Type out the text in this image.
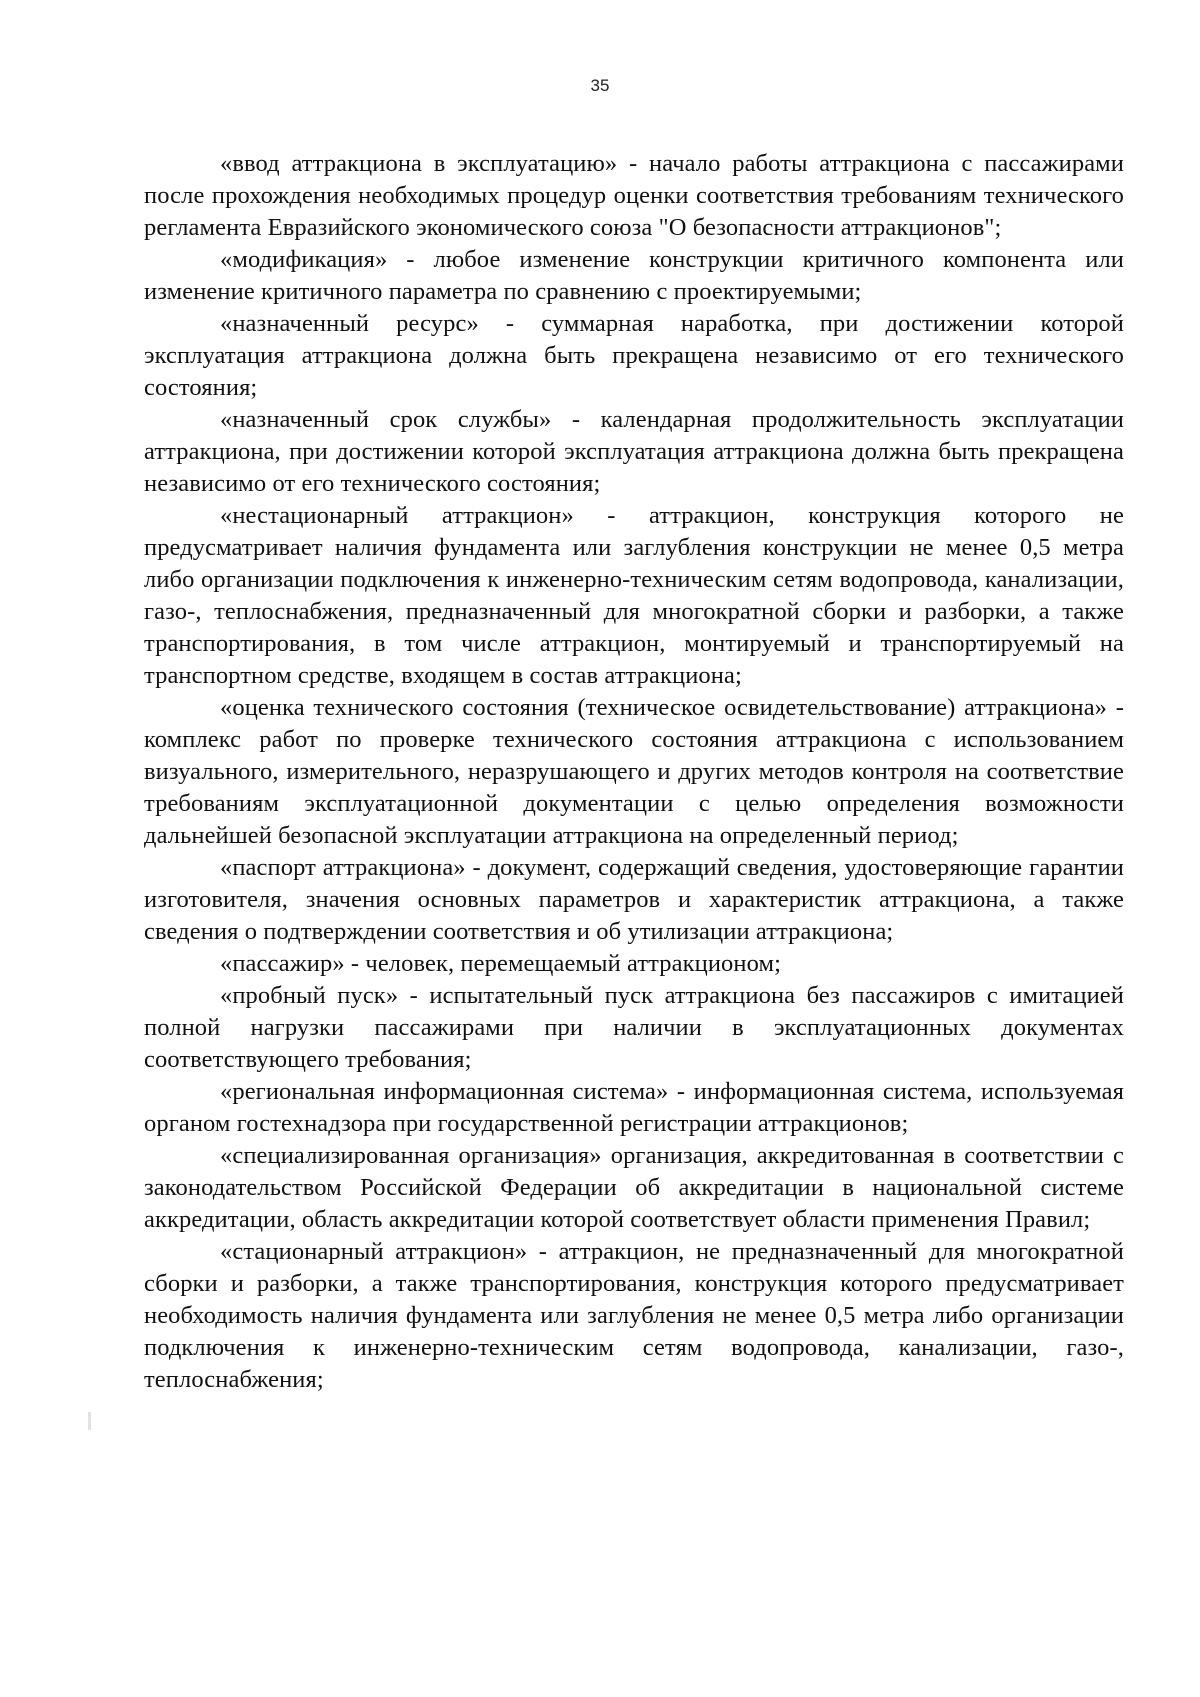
35

«ввод аттракциона в эксплуатацию» - начало работы аттракциона с пассажирами после прохождения необходимых процедур оценки соответствия требованиям технического регламента Евразийского экономического союза "О безопасности аттракционов";

«модификация» - любое изменение конструкции критичного компонента или изменение критичного параметра по сравнению с проектируемыми;

«назначенный ресурс» - суммарная наработка, при достижении которой эксплуатация аттракциона должна быть прекращена независимо от его технического состояния;

«назначенный срок службы» - календарная продолжительность эксплуатации аттракциона, при достижении которой эксплуатация аттракциона должна быть прекращена независимо от его технического состояния;

«нестационарный аттракцион» - аттракцион, конструкция которого не предусматривает наличия фундамента или заглубления конструкции не менее 0,5 метра либо организации подключения к инженерно-техническим сетям водопровода, канализации, газо-, теплоснабжения, предназначенный для многократной сборки и разборки, а также транспортирования, в том числе аттракцион, монтируемый и транспортируемый на транспортном средстве, входящем в состав аттракциона;

«оценка технического состояния (техническое освидетельствование) аттракциона» - комплекс работ по проверке технического состояния аттракциона с использованием визуального, измерительного, неразрушающего и других методов контроля на соответствие требованиям эксплуатационной документации с целью определения возможности дальнейшей безопасной эксплуатации аттракциона на определенный период;

«паспорт аттракциона» - документ, содержащий сведения, удостоверяющие гарантии изготовителя, значения основных параметров и характеристик аттракциона, а также сведения о подтверждении соответствия и об утилизации аттракциона;

«пассажир» - человек, перемещаемый аттракционом;

«пробный пуск» - испытательный пуск аттракциона без пассажиров с имитацией полной нагрузки пассажирами при наличии в эксплуатационных документах соответствующего требования;

«региональная информационная система» - информационная система, используемая органом гостехнадзора при государственной регистрации аттракционов;

«специализированная организация» организация, аккредитованная в соответствии с законодательством Российской Федерации об аккредитации в национальной системе аккредитации, область аккредитации которой соответствует области применения Правил;

«стационарный аттракцион» - аттракцион, не предназначенный для многократной сборки и разборки, а также транспортирования, конструкция которого предусматривает необходимость наличия фундамента или заглубления не менее 0,5 метра либо организации подключения к инженерно-техническим сетям водопровода, канализации, газо-, теплоснабжения;
